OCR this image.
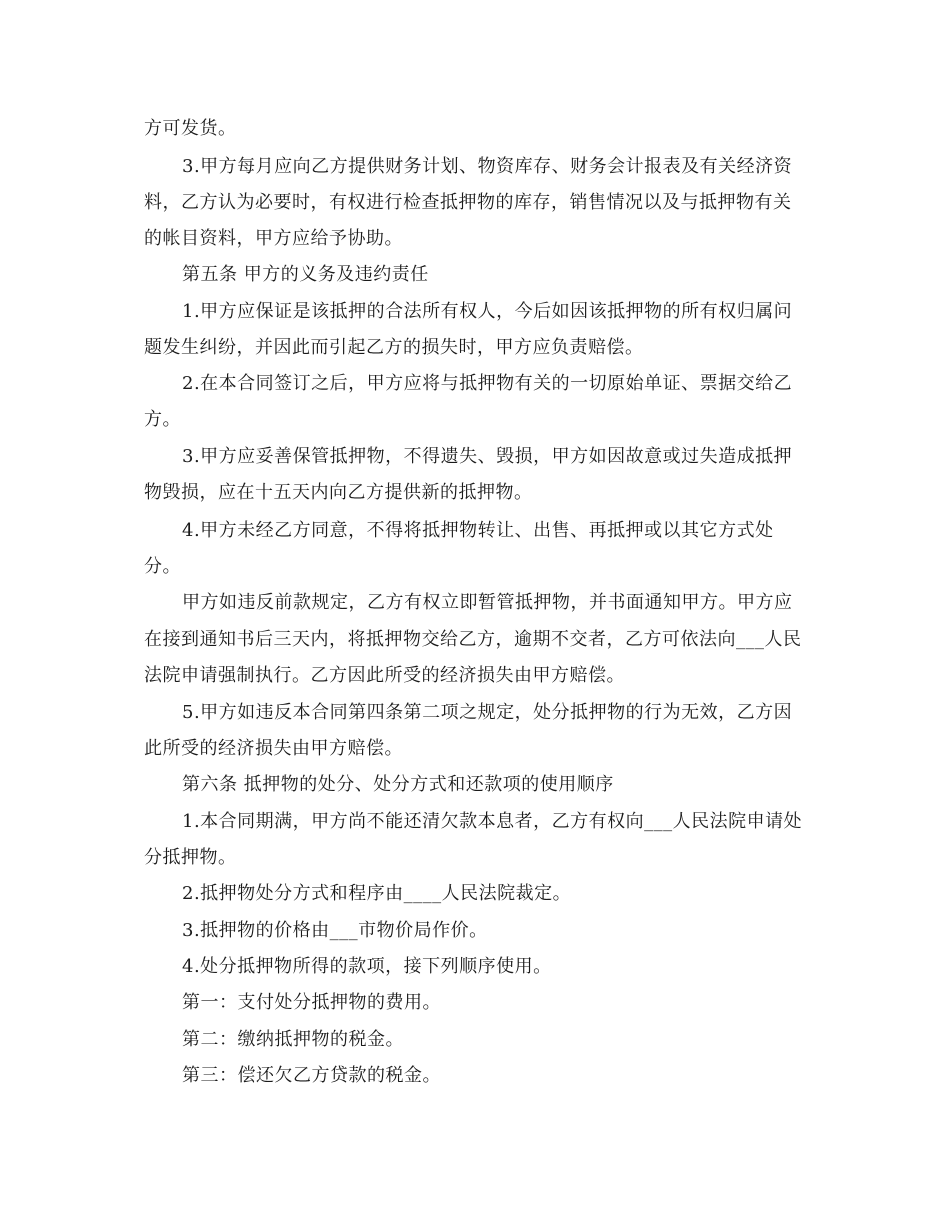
方可发货。

3.甲方每月应向乙方提供财务计划、物资库存、财务会计报表及有关经济资

料，乙方认为必要时，有权进行检查抵押物的库存，销售情况以及与抵押物有关

的帐目资料，甲方应给予协助。

第五条 甲方的义务及违约责任

1.甲方应保证是该抵押的合法所有权人，今后如因该抵押物的所有权归属问

题发生纠纷，并因此而引起乙方的损失时，甲方应负责赔偿。

2.在本合同签订之后，甲方应将与抵押物有关的一切原始单证、票据交给乙

方。

3.甲方应妥善保管抵押物，不得遗失、毁损，甲方如因故意或过失造成抵押

物毁损，应在十五天内向乙方提供新的抵押物。

4.甲方未经乙方同意，不得将抵押物转让、出售、再抵押或以其它方式处

分。

甲方如违反前款规定，乙方有权立即暂管抵押物，并书面通知甲方。甲方应

在接到通知书后三天内，将抵押物交给乙方，逾期不交者，乙方可依法向___人民

法院申请强制执行。乙方因此所受的经济损失由甲方赔偿。

5.甲方如违反本合同第四条第二项之规定，处分抵押物的行为无效，乙方因

此所受的经济损失由甲方赔偿。

第六条 抵押物的处分、处分方式和还款项的使用顺序

1.本合同期满，甲方尚不能还清欠款本息者，乙方有权向___人民法院申请处

分抵押物。

2.抵押物处分方式和程序由____人民法院裁定。

3.抵押物的价格由___市物价局作价。

4.处分抵押物所得的款项，接下列顺序使用。

第一：支付处分抵押物的费用。

第二：缴纳抵押物的税金。

第三：偿还欠乙方贷款的税金。
